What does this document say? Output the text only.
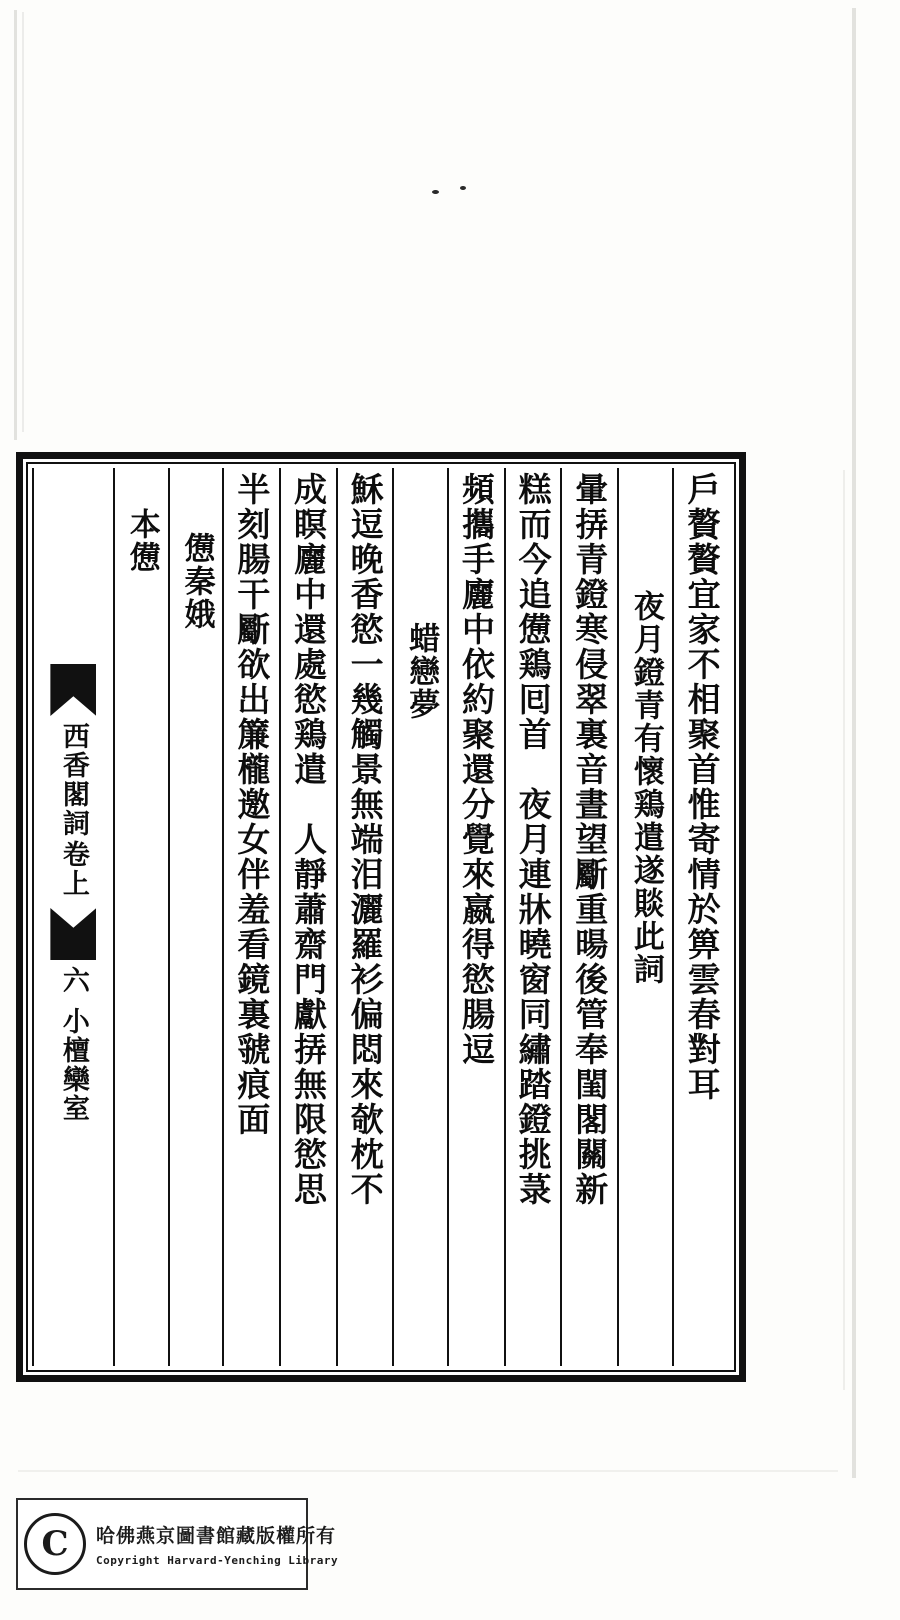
戶贅贅宜家不相聚首惟寄情於箅雲春對耳
夜月鐙青有懷鶏遣遂賧此詞
暈挵青鐙寒侵翠裏音晝望斸重暘後管奉閨閣關新
糕而今追憊鶏囘首　夜月連牀曉窗同繡踏鐙挑菉
頻攜手廲中依約聚還分覺來嬴得慾腸逗
蜡戀夢
穌逗晚香慾一幾觸景無端泪灑羅衫偏悶來欹枕不
成瞑廲中還處慾鶏遣　人靜蕭齋門獻挵無限慾思
半刻腸干斸欲出簾櫳邀女伴羞看鏡裏虢痕面
憊秦娥
本憊
西香閣詞
卷上
六
小檀欒室
C	哈佛燕京圖書館藏版權所有
Copyright Harvard-Yenching Library
